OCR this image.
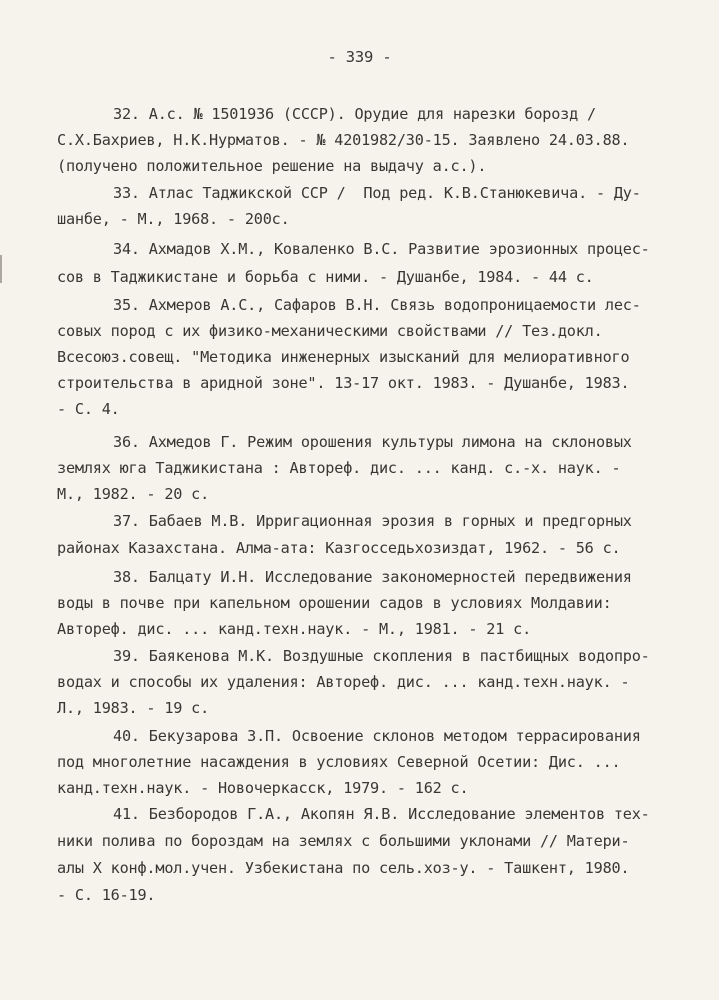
- 339 -
32. А.с. № 1501936 (СССР). Орудие для нарезки борозд /
С.Х.Бахриев, Н.К.Нурматов. - № 4201982/30-15. Заявлено 24.03.88.
(получено положительное решение на выдачу а.с.).
33. Атлас Таджикской ССР /  Под ред. К.В.Станюкевича. - Ду-
шанбе, - М., 1968. - 200с.
34. Ахмадов Х.М., Коваленко В.С. Развитие эрозионных процес-
сов в Таджикистане и борьба с ними. - Душанбе, 1984. - 44 с.
35. Ахмеров А.С., Сафаров В.Н. Связь водопроницаемости лес-
совых пород с их физико-механическими свойствами // Тез.докл.
Всесоюз.совещ. "Методика инженерных изысканий для мелиоративного
строительства в аридной зоне". 13-17 окт. 1983. - Душанбе, 1983.
- С. 4.
36. Ахмедов Г. Режим орошения культуры лимона на склоновых
землях юга Таджикистана : Автореф. дис. ... канд. с.-х. наук. -
М., 1982. - 20 с.
37. Бабаев М.В. Ирригационная эрозия в горных и предгорных
районах Казахстана. Алма-ата: Казгосседьхозиздат, 1962. - 56 с.
38. Балцату И.Н. Исследование закономерностей передвижения
воды в почве при капельном орошении садов в условиях Молдавии:
Автореф. дис. ... канд.техн.наук. - М., 1981. - 21 с.
39. Баякенова М.К. Воздушные скопления в пастбищных водопро-
водах и способы их удаления: Автореф. дис. ... канд.техн.наук. -
Л., 1983. - 19 с.
40. Бекузарова З.П. Освоение склонов методом террасирования
под многолетние насаждения в условиях Северной Осетии: Дис. ...
канд.техн.наук. - Новочеркасск, 1979. - 162 с.
41. Безбородов Г.А., Акопян Я.В. Исследование элементов тех-
ники полива по бороздам на землях с большими уклонами // Матери-
алы Х конф.мол.учен. Узбекистана по сель.хоз-у. - Ташкент, 1980.
- С. 16-19.
